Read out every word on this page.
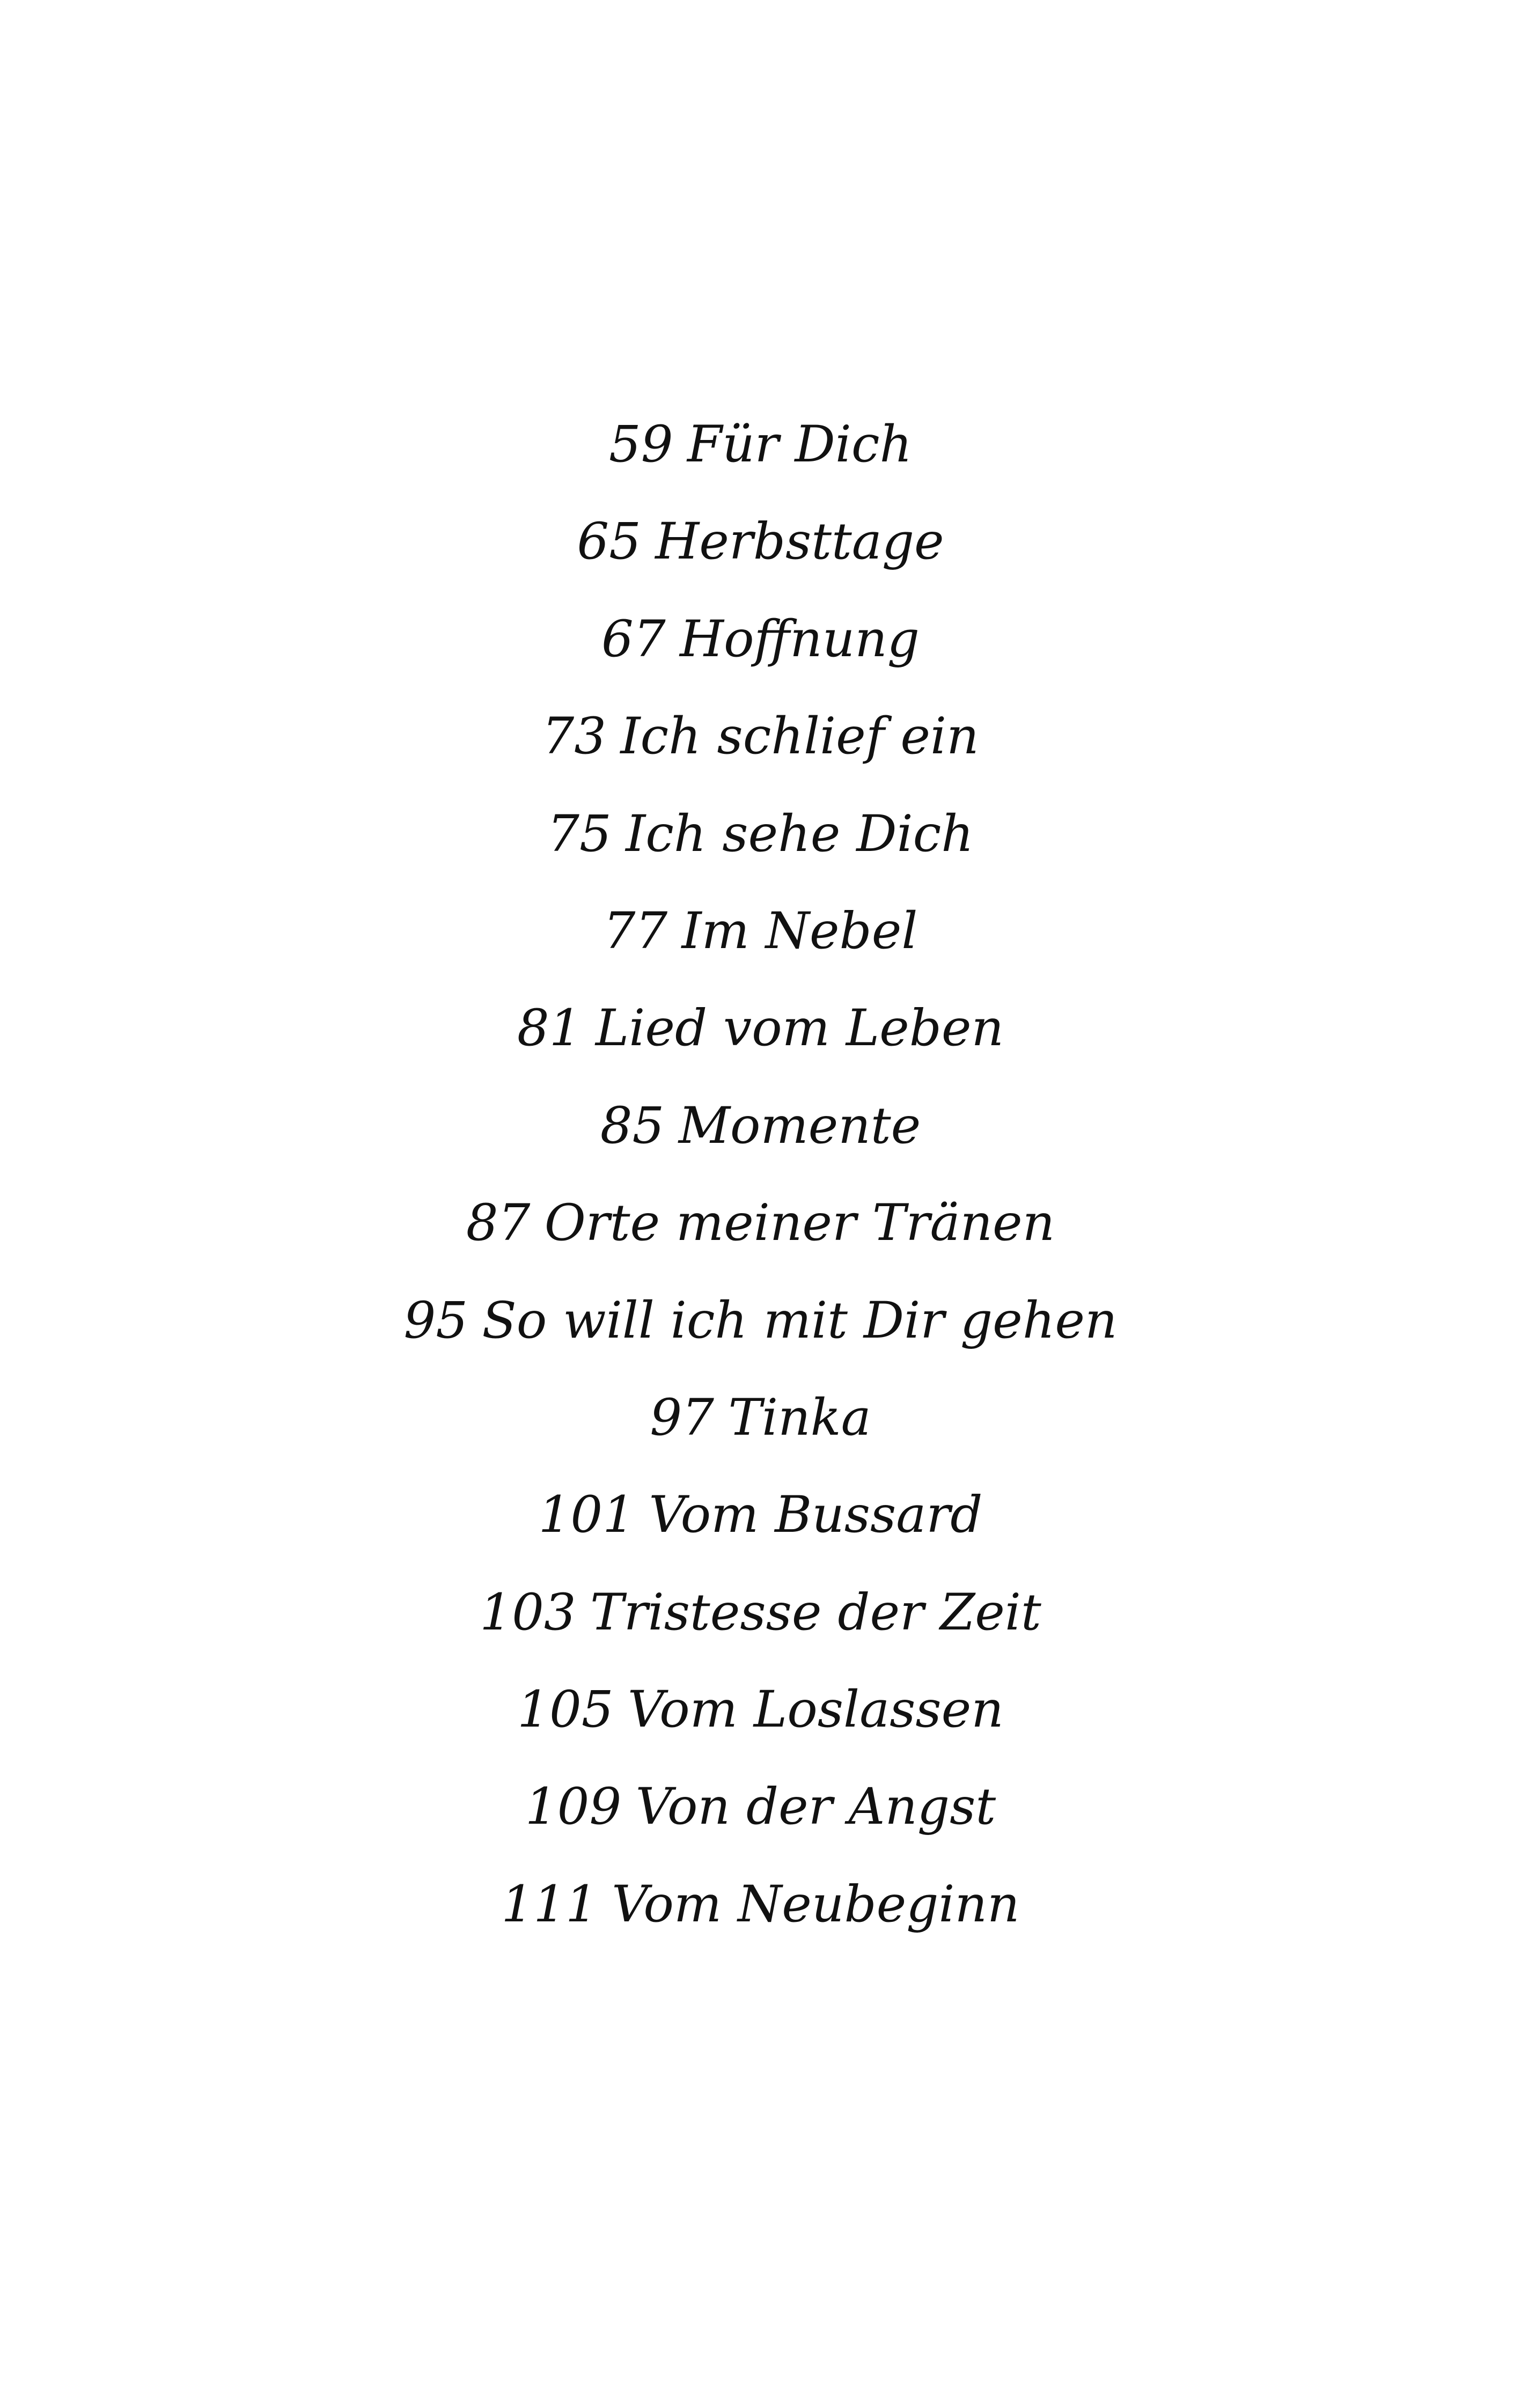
59 Für Dich
65 Herbsttage
67 Hoffnung
73 Ich schlief ein
75 Ich sehe Dich
77 Im Nebel
81 Lied vom Leben
85 Momente
87 Orte meiner Tränen
95 So will ich mit Dir gehen
97 Tinka
101 Vom Bussard
103 Tristesse der Zeit
105 Vom Loslassen
109 Von der Angst
111 Vom Neubeginn
